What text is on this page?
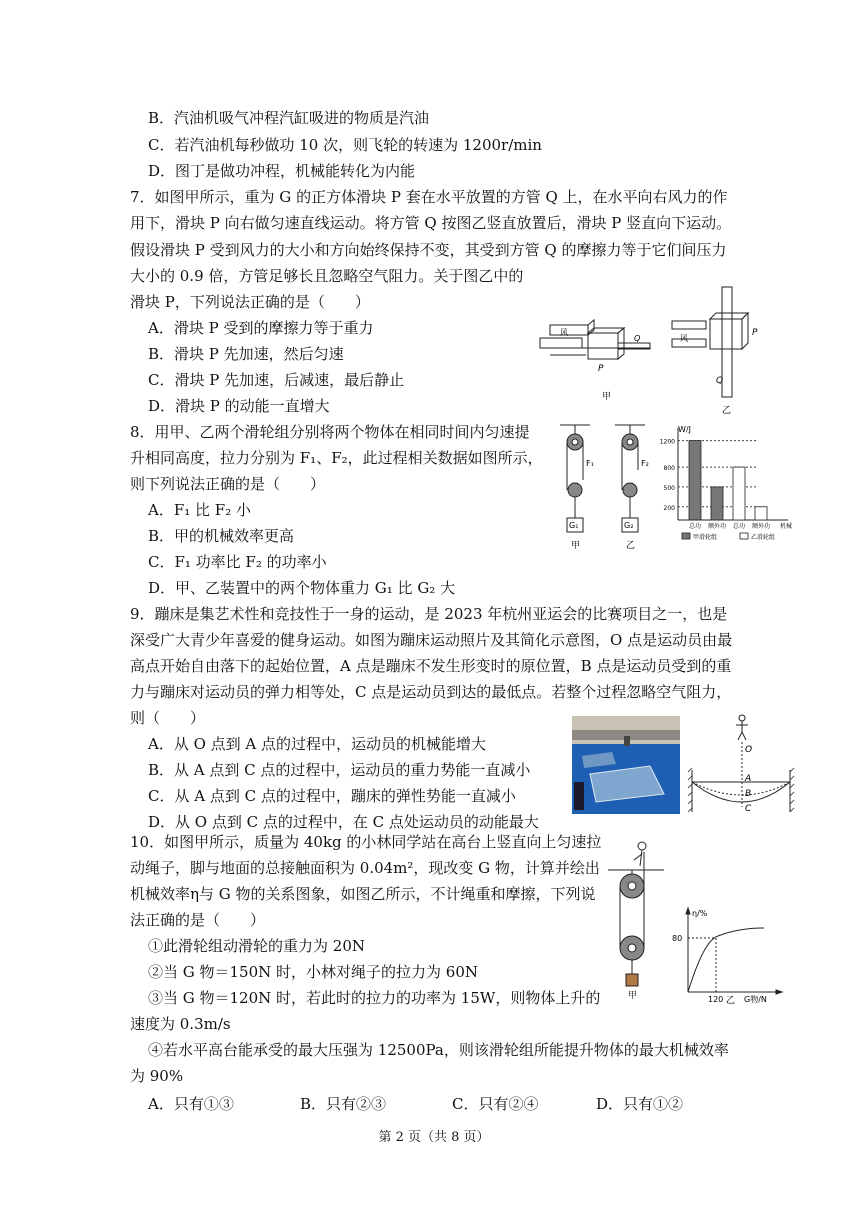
B．汽油机吸气冲程汽缸吸进的物质是汽油
C．若汽油机每秒做功 10 次，则飞轮的转速为 1200r/min
D．图丁是做功冲程，机械能转化为内能
7．如图甲所示，重为 G 的正方体滑块 P 套在水平放置的方管 Q 上，在水平向右风力的作
用下，滑块 P 向右做匀速直线运动。将方管 Q 按图乙竖直放置后，滑块 P 竖直向下运动。
假设滑块 P 受到风力的大小和方向始终保持不变，其受到方管 Q 的摩擦力等于它们间压力
大小的 0.9 倍，方管足够长且忽略空气阻力。关于图乙中的
滑块 P，下列说法正确的是（　　）
A．滑块 P 受到的摩擦力等于重力
B．滑块 P 先加速，然后匀速
C．滑块 P 先加速，后减速，最后静止
D．滑块 P 的动能一直增大
风
Q
P
甲
风
P
Q
乙
8．用甲、乙两个滑轮组分别将两个物体在相同时间内匀速提
升相同高度，拉力分别为 F₁、F₂，此过程相关数据如图所示，
则下列说法正确的是（　　）
A．F₁ 比 F₂ 小
B．甲的机械效率更高
C．F₁ 功率比 F₂ 的功率小
D．甲、乙装置中的两个物体重力 G₁ 比 G₂ 大
F₁	F₂
G₁	G₂
甲	乙
W/J
200
500
800
1200
总功 额外功 总功 额外功 机械
甲滑轮组	乙滑轮组
9．蹦床是集艺术性和竞技性于一身的运动，是 2023 年杭州亚运会的比赛项目之一，也是
深受广大青少年喜爱的健身运动。如图为蹦床运动照片及其简化示意图，O 点是运动员由最
高点开始自由落下的起始位置，A 点是蹦床不发生形变时的原位置，B 点是运动员受到的重
力与蹦床对运动员的弹力相等处，C 点是运动员到达的最低点。若整个过程忽略空气阻力，
则（　　）
A．从 O 点到 A 点的过程中，运动员的机械能增大
B．从 A 点到 C 点的过程中，运动员的重力势能一直减小
C．从 A 点到 C 点的过程中，蹦床的弹性势能一直减小
D．从 O 点到 C 点的过程中，在 C 点处运动员的动能最大
O
A
B
C
10．如图甲所示，质量为 40kg 的小林同学站在高台上竖直向上匀速拉
动绳子，脚与地面的总接触面积为 0.04m²，现改变 G 物，计算并绘出
机械效率η与 G 物的关系图象，如图乙所示，不计绳重和摩擦，下列说
法正确的是（　　）
①此滑轮组动滑轮的重力为 20N
②当 G 物＝150N 时，小林对绳子的拉力为 60N
③当 G 物＝120N 时，若此时的拉力的功率为 15W，则物体上升的
速度为 0.3m/s
④若水平高台能承受的最大压强为 12500Pa，则该滑轮组所能提升物体的最大机械效率
为 90%
A．只有①③	B．只有②③	C．只有②④	D．只有①②
甲
η/%
80
120 乙 G物/N
第 2 页（共 8 页）
